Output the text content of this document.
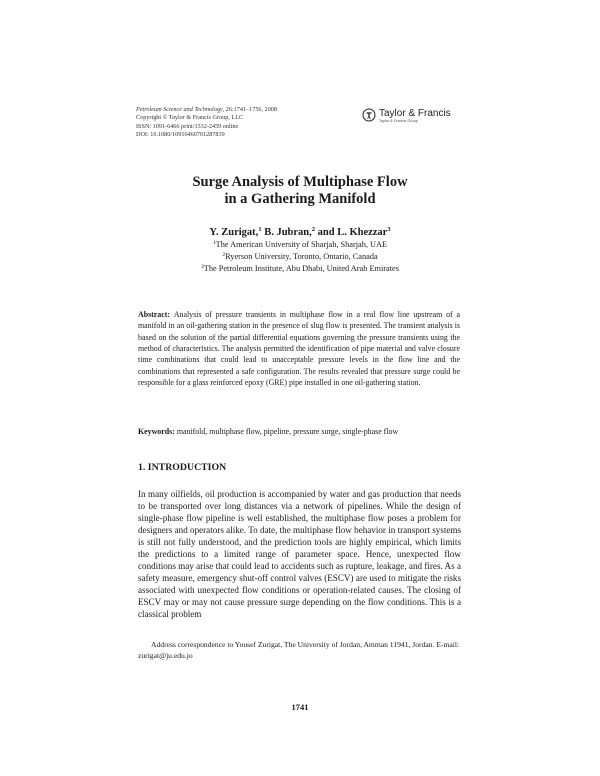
Petroleum Science and Technology, 26:1741–1756, 2008
Copyright © Taylor & Francis Group, LLC
ISSN: 1091-6466 print/1532-2459 online
DOI: 10.1080/10916460701287839
Taylor & Francis
Taylor & Francis Group
Surge Analysis of Multiphase Flow
in a Gathering Manifold
Y. Zurigat,$^1$ B. Jubran,$^2$ and L. Khezzar$^3$
$^1$The American University of Sharjah, Sharjah, UAE
$^2$Ryerson University, Toronto, Ontario, Canada
$^3$The Petroleum Institute, Abu Dhabi, United Arab Emirates
Abstract: Analysis of pressure transients in multiphase flow in a real flow line upstream of a manifold in an oil-gathering station in the presence of slug flow is presented. The transient analysis is based on the solution of the partial differential equations governing the pressure transients using the method of characteristics. The analysis permitted the identification of pipe material and valve closure time combinations that could lead to unacceptable pressure levels in the flow line and the combinations that represented a safe configuration. The results revealed that pressure surge could be responsible for a glass reinforced epoxy (GRE) pipe installed in one oil-gathering station.
Keywords: manifold, multiphase flow, pipeline, pressure surge, single-phase flow
1. INTRODUCTION

In many oilfields, oil production is accompanied by water and gas production that needs to be transported over long distances via a network of pipelines. While the design of single-phase flow pipeline is well established, the multiphase flow poses a problem for designers and operators alike. To date, the multiphase flow behavior in transport systems is still not fully understood, and the prediction tools are highly empirical, which limits the predictions to a limited range of parameter space. Hence, unexpected flow conditions may arise that could lead to accidents such as rupture, leakage, and fires. As a safety measure, emergency shut-off control valves (ESCV) are used to mitigate the risks associated with unexpected flow conditions or operation-related causes. The closing of ESCV may or may not cause pressure surge depending on the flow conditions. This is a classical problem

Address correspondence to Yousef Zurigat, The University of Jordan, Amman 11941, Jordan. E-mail: zurigat@ju.edu.jo

1741
